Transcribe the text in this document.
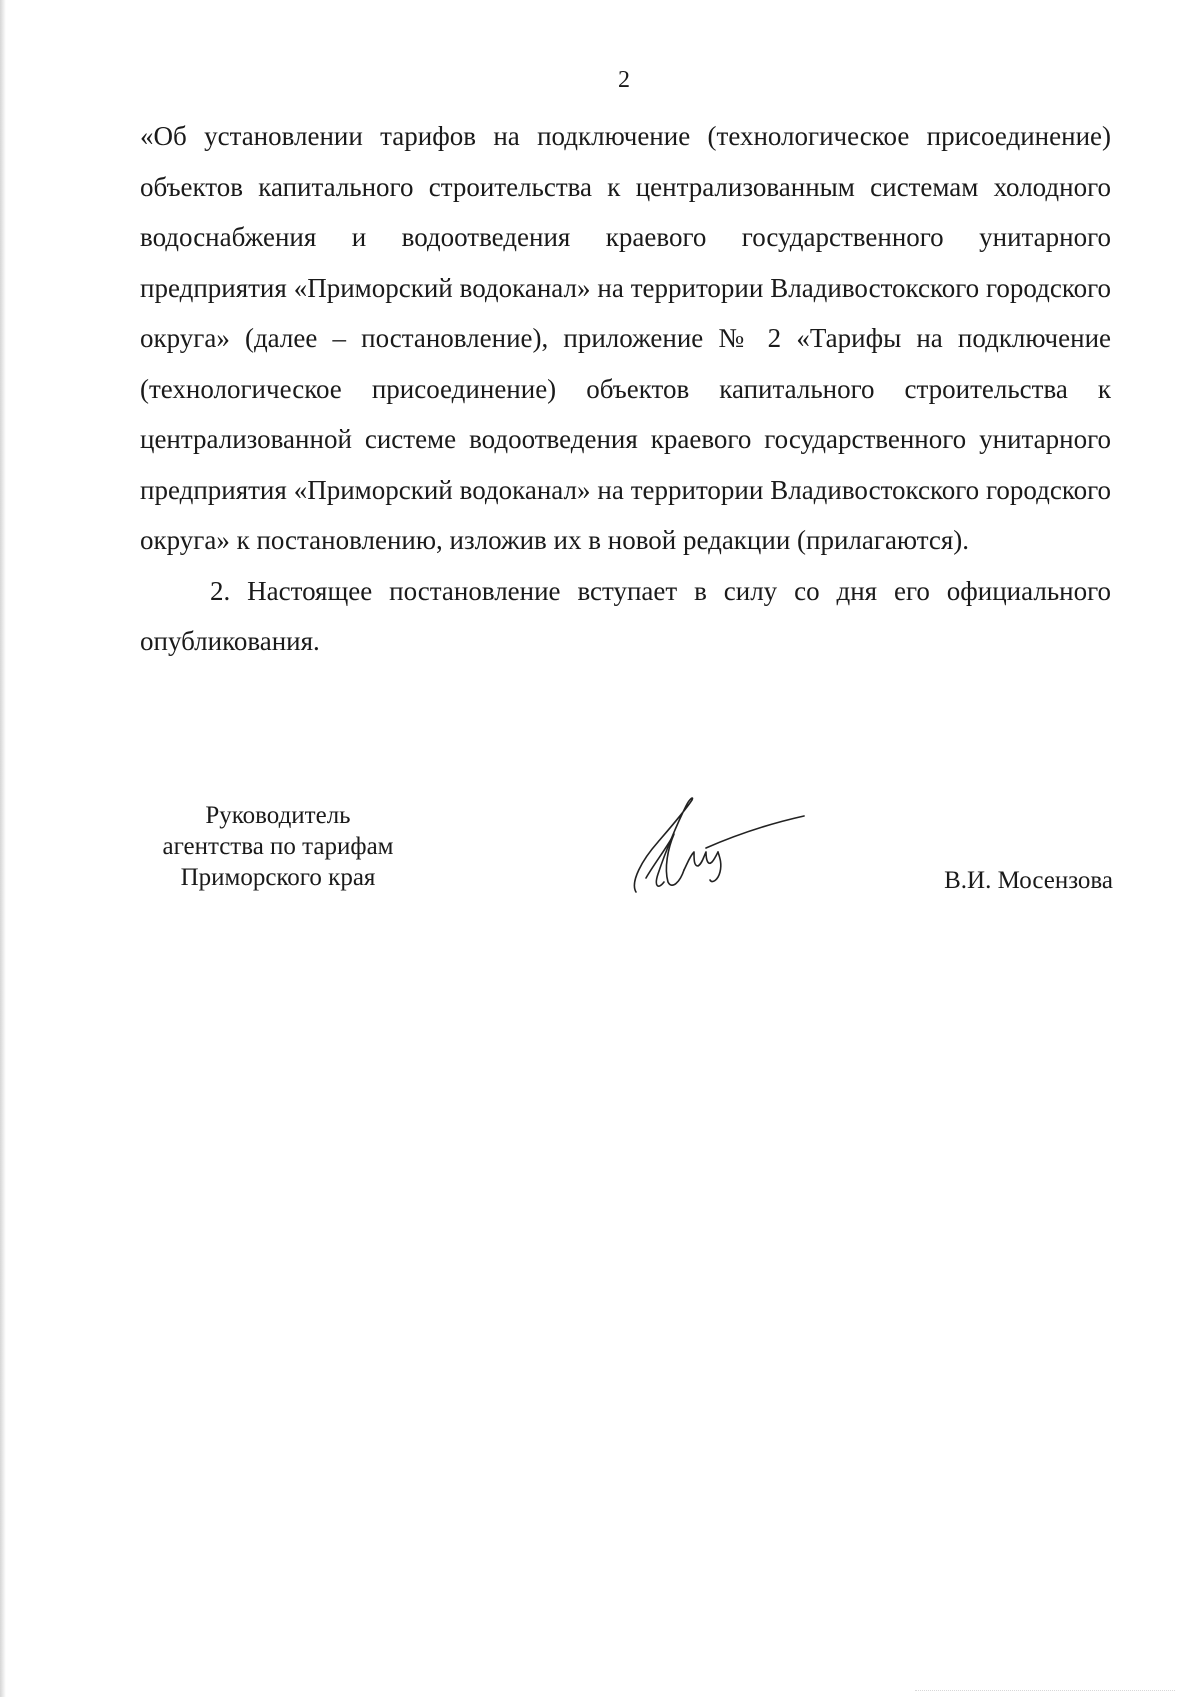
2

«Об установлении тарифов на подключение (технологическое присоединение) объектов капитального строительства к централизованным системам холодного водоснабжения и водоотведения краевого государственного унитарного предприятия «Приморский водоканал» на территории Владивостокского городского округа» (далее – постановление), приложение № 2 «Тарифы на подключение (технологическое присоединение) объектов капитального строительства к централизованной системе водоотведения краевого государственного унитарного предприятия «Приморский водоканал» на территории Владивостокского городского округа» к постановлению, изложив их в новой редакции (прилагаются).

2. Настоящее постановление вступает в силу со дня его официального опубликования.

Руководитель
агентства по тарифам
Приморского края	В.И. Мосензова
